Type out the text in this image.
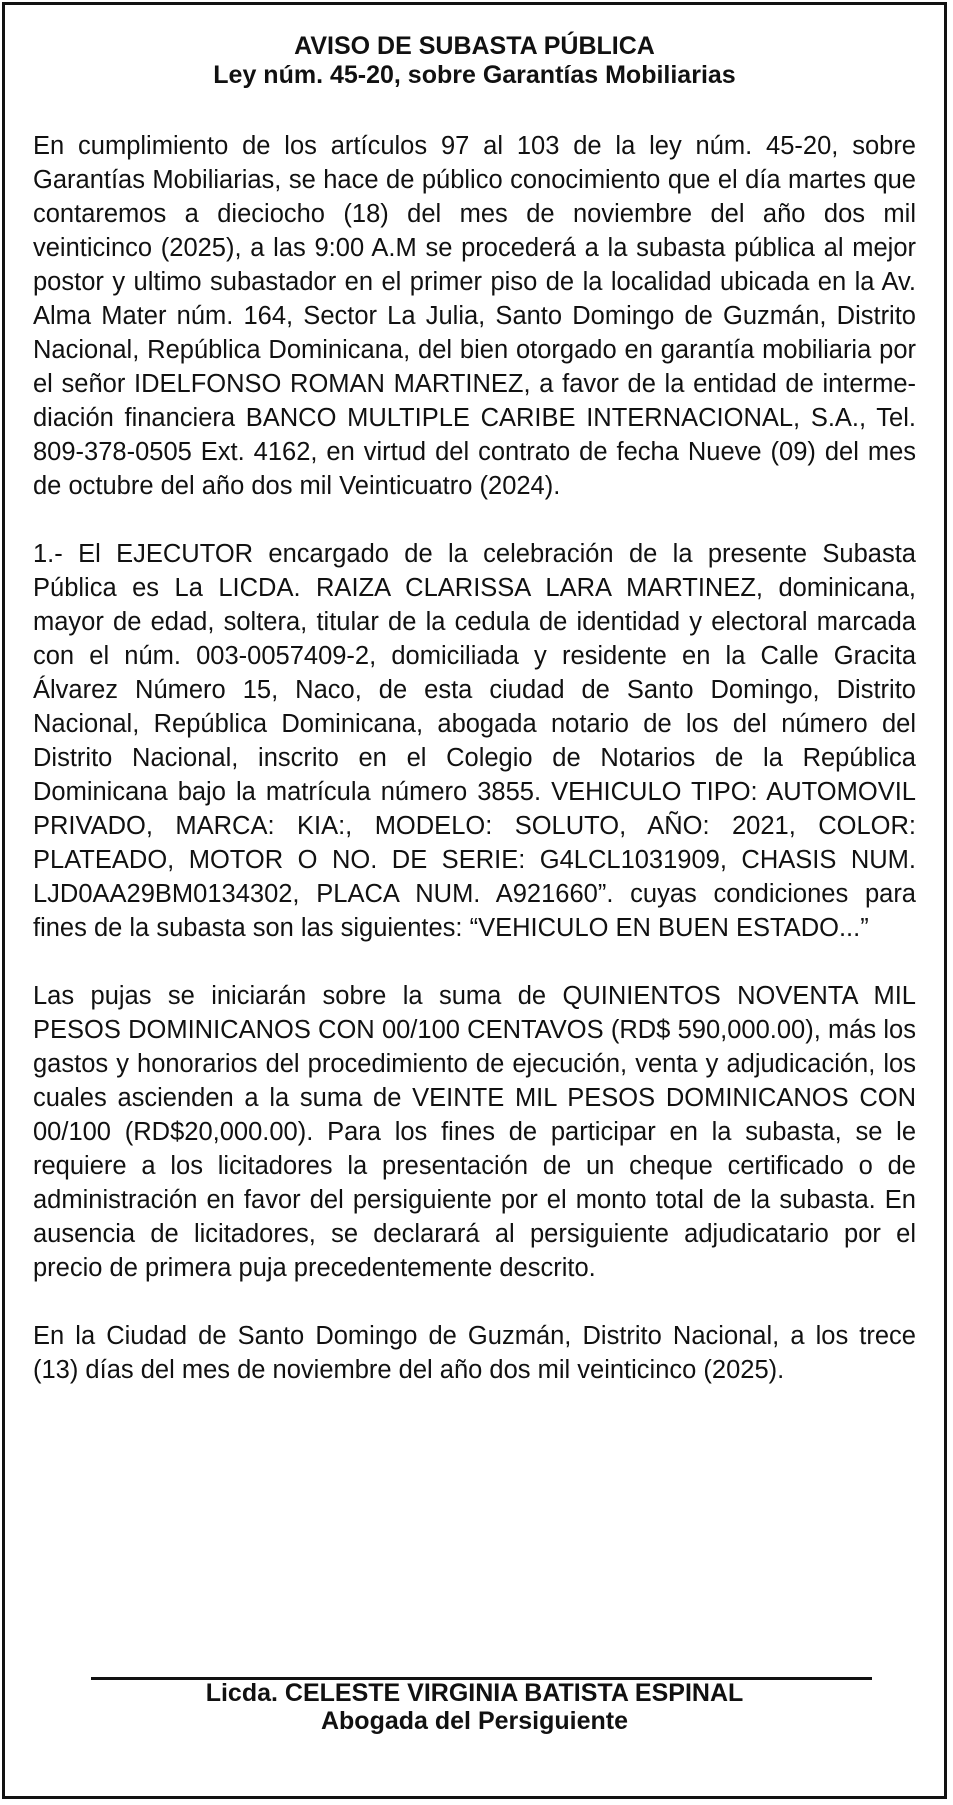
AVISO DE SUBASTA PÚBLICA
Ley núm. 45-20, sobre Garantías Mobiliarias

En cumplimiento de los artículos 97 al 103 de la ley núm. 45-20, sobre Garantías Mobiliarias, se hace de público conocimiento que el día martes que contaremos a dieciocho (18) del mes de noviembre del año dos mil veinticinco (2025), a las 9:00 A.M se procederá a la subasta pública al mejor postor y ultimo subastador en el primer piso de la localidad ubicada en la Av. Alma Mater núm. 164, Sector La Julia, Santo Domingo de Guzmán, Distrito Nacional, República Dominicana, del bien otorgado en garantía mobiliaria por el señor IDELFONSO ROMAN MARTINEZ, a favor de la entidad de interme-diación financiera BANCO MULTIPLE CARIBE INTERNACIONAL, S.A., Tel. 809-378-0505 Ext. 4162, en virtud del contrato de fecha Nueve (09) del mes de octubre del año dos mil Veinticuatro (2024).

1.- El EJECUTOR encargado de la celebración de la presente Subasta Pública es La LICDA. RAIZA CLARISSA LARA MARTINEZ, dominicana, mayor de edad, soltera, titular de la cedula de identidad y electoral marcada con el núm. 003-0057409-2, domiciliada y residente en la Calle Gracita Álvarez Número 15, Naco, de esta ciudad de Santo Domingo, Distrito Nacional, República Dominicana, abogada notario de los del número del Distrito Nacional, inscrito en el Colegio de Notarios de la República Dominicana bajo la matrícula número 3855. VEHICULO TIPO: AUTOMOVIL PRIVADO, MARCA: KIA:, MODELO: SOLUTO, AÑO: 2021, COLOR: PLATEADO, MOTOR O NO. DE SERIE: G4LCL1031909, CHASIS NUM. LJD0AA29BM0134302, PLACA NUM. A921660”. cuyas condiciones para fines de la subasta son las siguientes: “VEHICULO EN BUEN ESTADO...”

Las pujas se iniciarán sobre la suma de QUINIENTOS NOVENTA MIL PESOS DOMINICANOS CON 00/100 CENTAVOS (RD$ 590,000.00), más los gastos y honorarios del procedimiento de ejecución, venta y adjudicación, los cuales ascienden a la suma de VEINTE MIL PESOS DOMINICANOS CON 00/100 (RD$20,000.00). Para los fines de participar en la subasta, se le requiere a los licitadores la presentación de un cheque certificado o de administración en favor del persiguiente por el monto total de la subasta. En ausencia de licitadores, se declarará al persiguiente adjudicatario por el precio de primera puja precedentemente descrito.

En la Ciudad de Santo Domingo de Guzmán, Distrito Nacional, a los trece (13) días del mes de noviembre del año dos mil veinticinco (2025).

Licda. CELESTE VIRGINIA BATISTA ESPINAL
Abogada del Persiguiente
